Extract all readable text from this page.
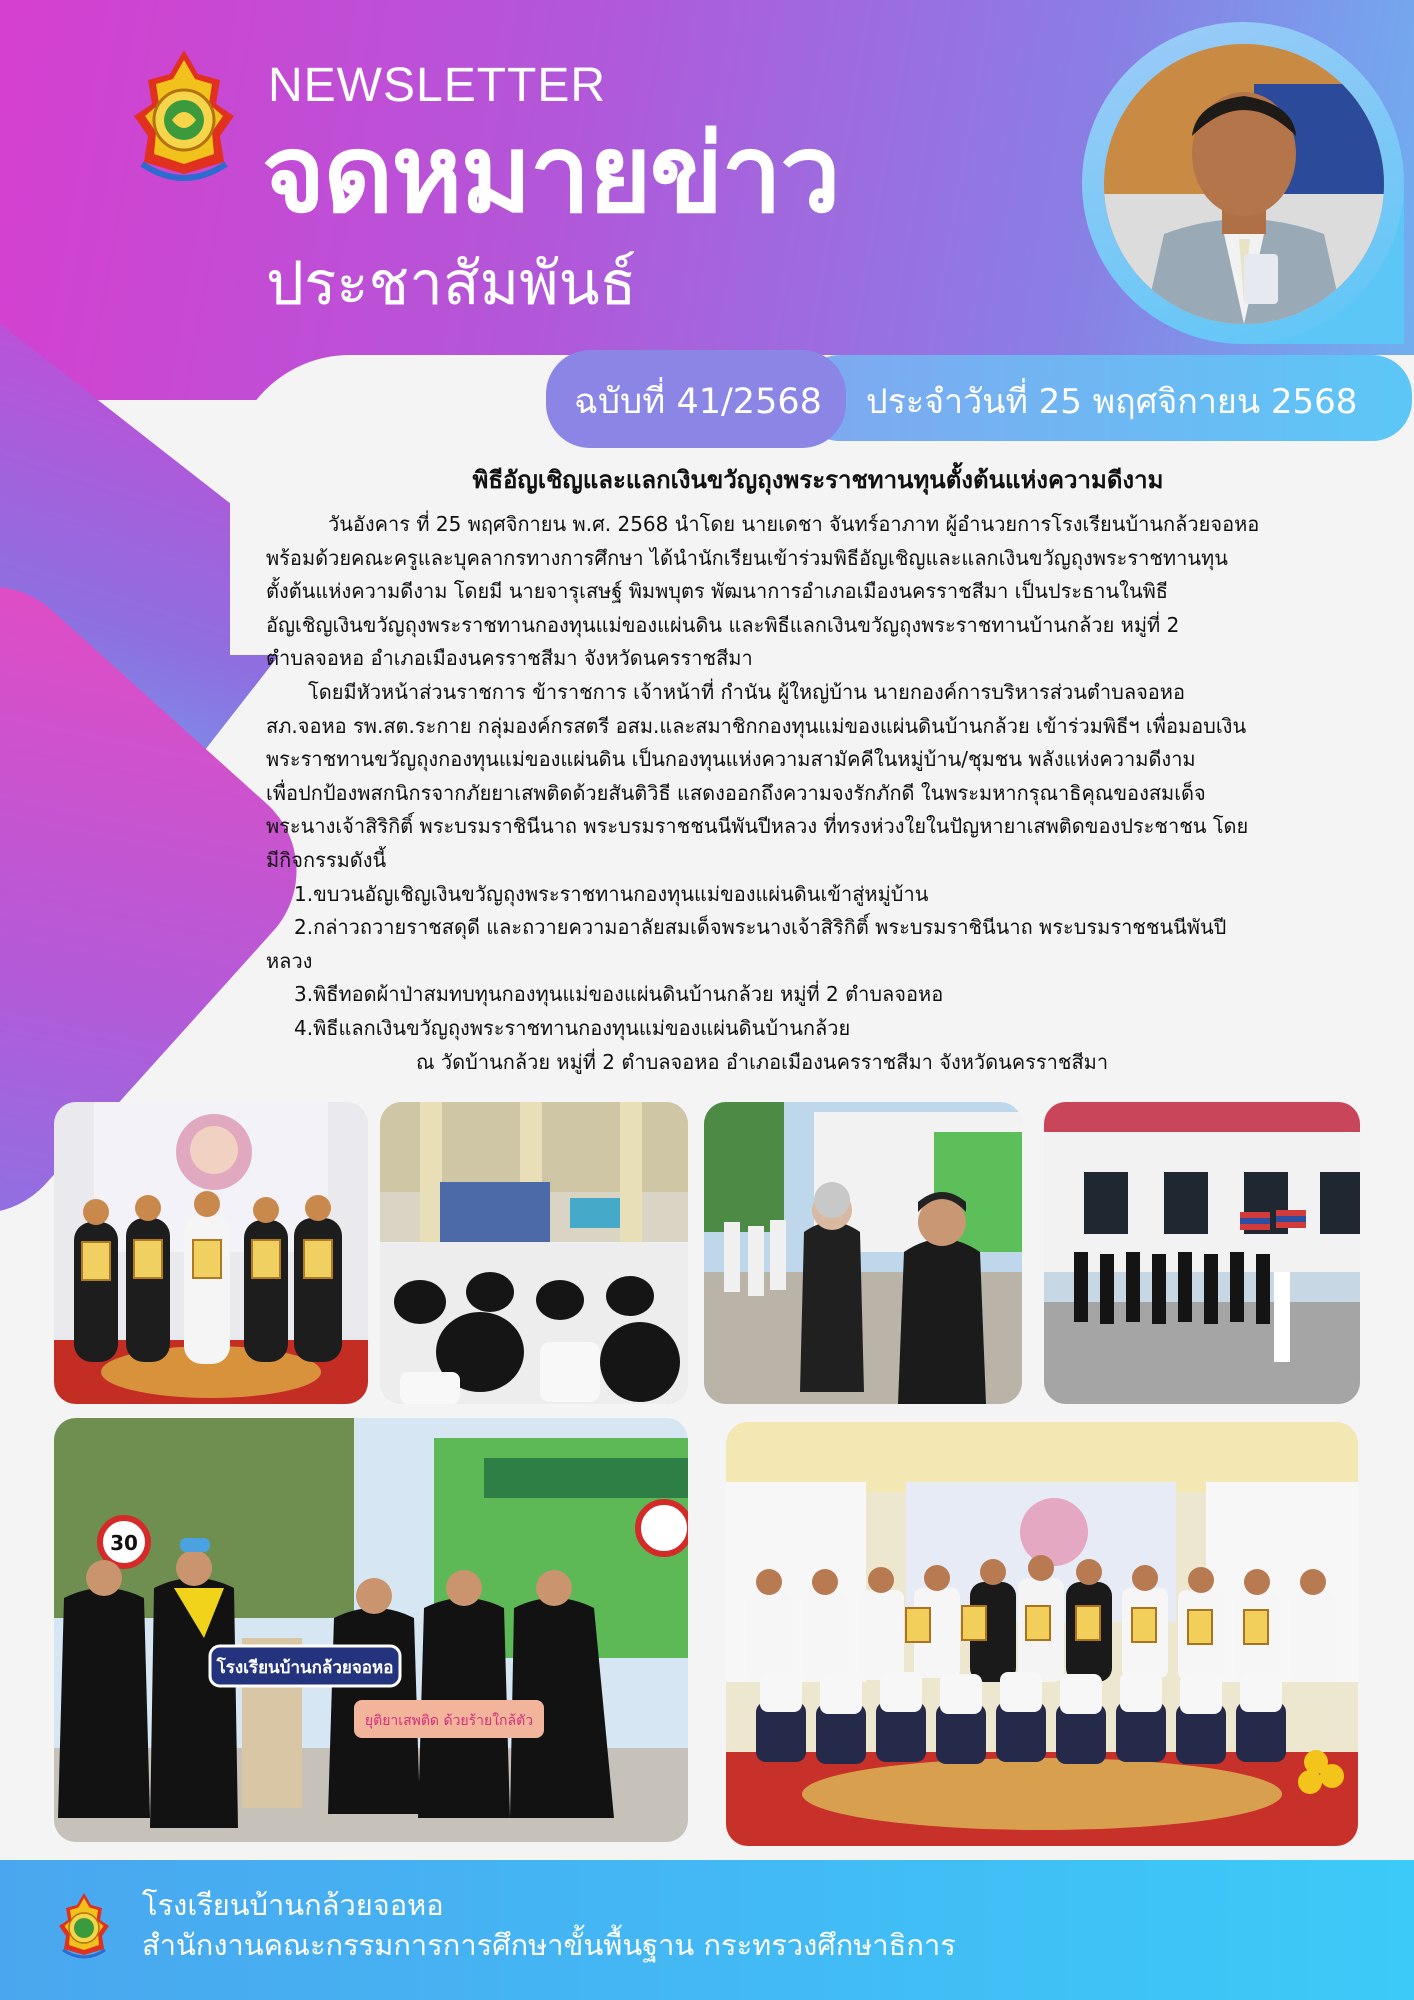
NEWSLETTER
จดหมายข่าว
ประชาสัมพันธ์
ฉบับที่ 41/2568 ประจำวันที่ 25 พฤศจิกายน 2568
พิธีอัญเชิญและแลกเงินขวัญถุงพระราชทานทุนตั้งต้นแห่งความดีงาม

วันอังคาร ที่ 25 พฤศจิกายน พ.ศ. 2568 นำโดย นายเดชา จันทร์อาภาท ผู้อำนวยการโรงเรียนบ้านกล้วยจอหอ

พร้อมด้วยคณะครูและบุคลากรทางการศึกษา ได้นำนักเรียนเข้าร่วมพิธีอัญเชิญและแลกเงินขวัญถุงพระราชทานทุน

ตั้งต้นแห่งความดีงาม โดยมี นายจารุเสษฐ์ พิมพบุตร พัฒนาการอำเภอเมืองนครราชสีมา เป็นประธานในพิธี

อัญเชิญเงินขวัญถุงพระราชทานกองทุนแม่ของแผ่นดิน และพิธีแลกเงินขวัญถุงพระราชทานบ้านกล้วย หมู่ที่ 2

ตำบลจอหอ อำเภอเมืองนครราชสีมา จังหวัดนครราชสีมา

โดยมีหัวหน้าส่วนราชการ ข้าราชการ เจ้าหน้าที่ กำนัน ผู้ใหญ่บ้าน นายกองค์การบริหารส่วนตำบลจอหอ

สภ.จอหอ รพ.สต.ระกาย กลุ่มองค์กรสตรี อสม.และสมาชิกกองทุนแม่ของแผ่นดินบ้านกล้วย เข้าร่วมพิธีฯ เพื่อมอบเงิน

พระราชทานขวัญถุงกองทุนแม่ของแผ่นดิน เป็นกองทุนแห่งความสามัคคีในหมู่บ้าน/ชุมชน พลังแห่งความดีงาม

เพื่อปกป้องพสกนิกรจากภัยยาเสพติดด้วยสันติวิธี แสดงออกถึงความจงรักภักดี ในพระมหากรุณาธิคุณของสมเด็จ

พระนางเจ้าสิริกิติ์ พระบรมราชินีนาถ พระบรมราชชนนีพันปีหลวง ที่ทรงห่วงใยในปัญหายาเสพติดของประชาชน โดย

มีกิจกรรมดังนี้

1.ขบวนอัญเชิญเงินขวัญถุงพระราชทานกองทุนแม่ของแผ่นดินเข้าสู่หมู่บ้าน

2.กล่าวถวายราชสดุดี และถวายความอาลัยสมเด็จพระนางเจ้าสิริกิติ์ พระบรมราชินีนาถ พระบรมราชชนนีพันปี

หลวง

3.พิธีทอดผ้าป่าสมทบทุนกองทุนแม่ของแผ่นดินบ้านกล้วย หมู่ที่ 2 ตำบลจอหอ

4.พิธีแลกเงินขวัญถุงพระราชทานกองทุนแม่ของแผ่นดินบ้านกล้วย

ณ วัดบ้านกล้วย หมู่ที่ 2 ตำบลจอหอ อำเภอเมืองนครราชสีมา จังหวัดนครราชสีมา

30
โรงเรียนบ้านกล้วยจอหอ
ยุติยาเสพติด ด้วยร้ายใกล้ตัว
โรงเรียนบ้านกล้วยจอหอ
สำนักงานคณะกรรมการการศึกษาขั้นพื้นฐาน กระทรวงศึกษาธิการ
